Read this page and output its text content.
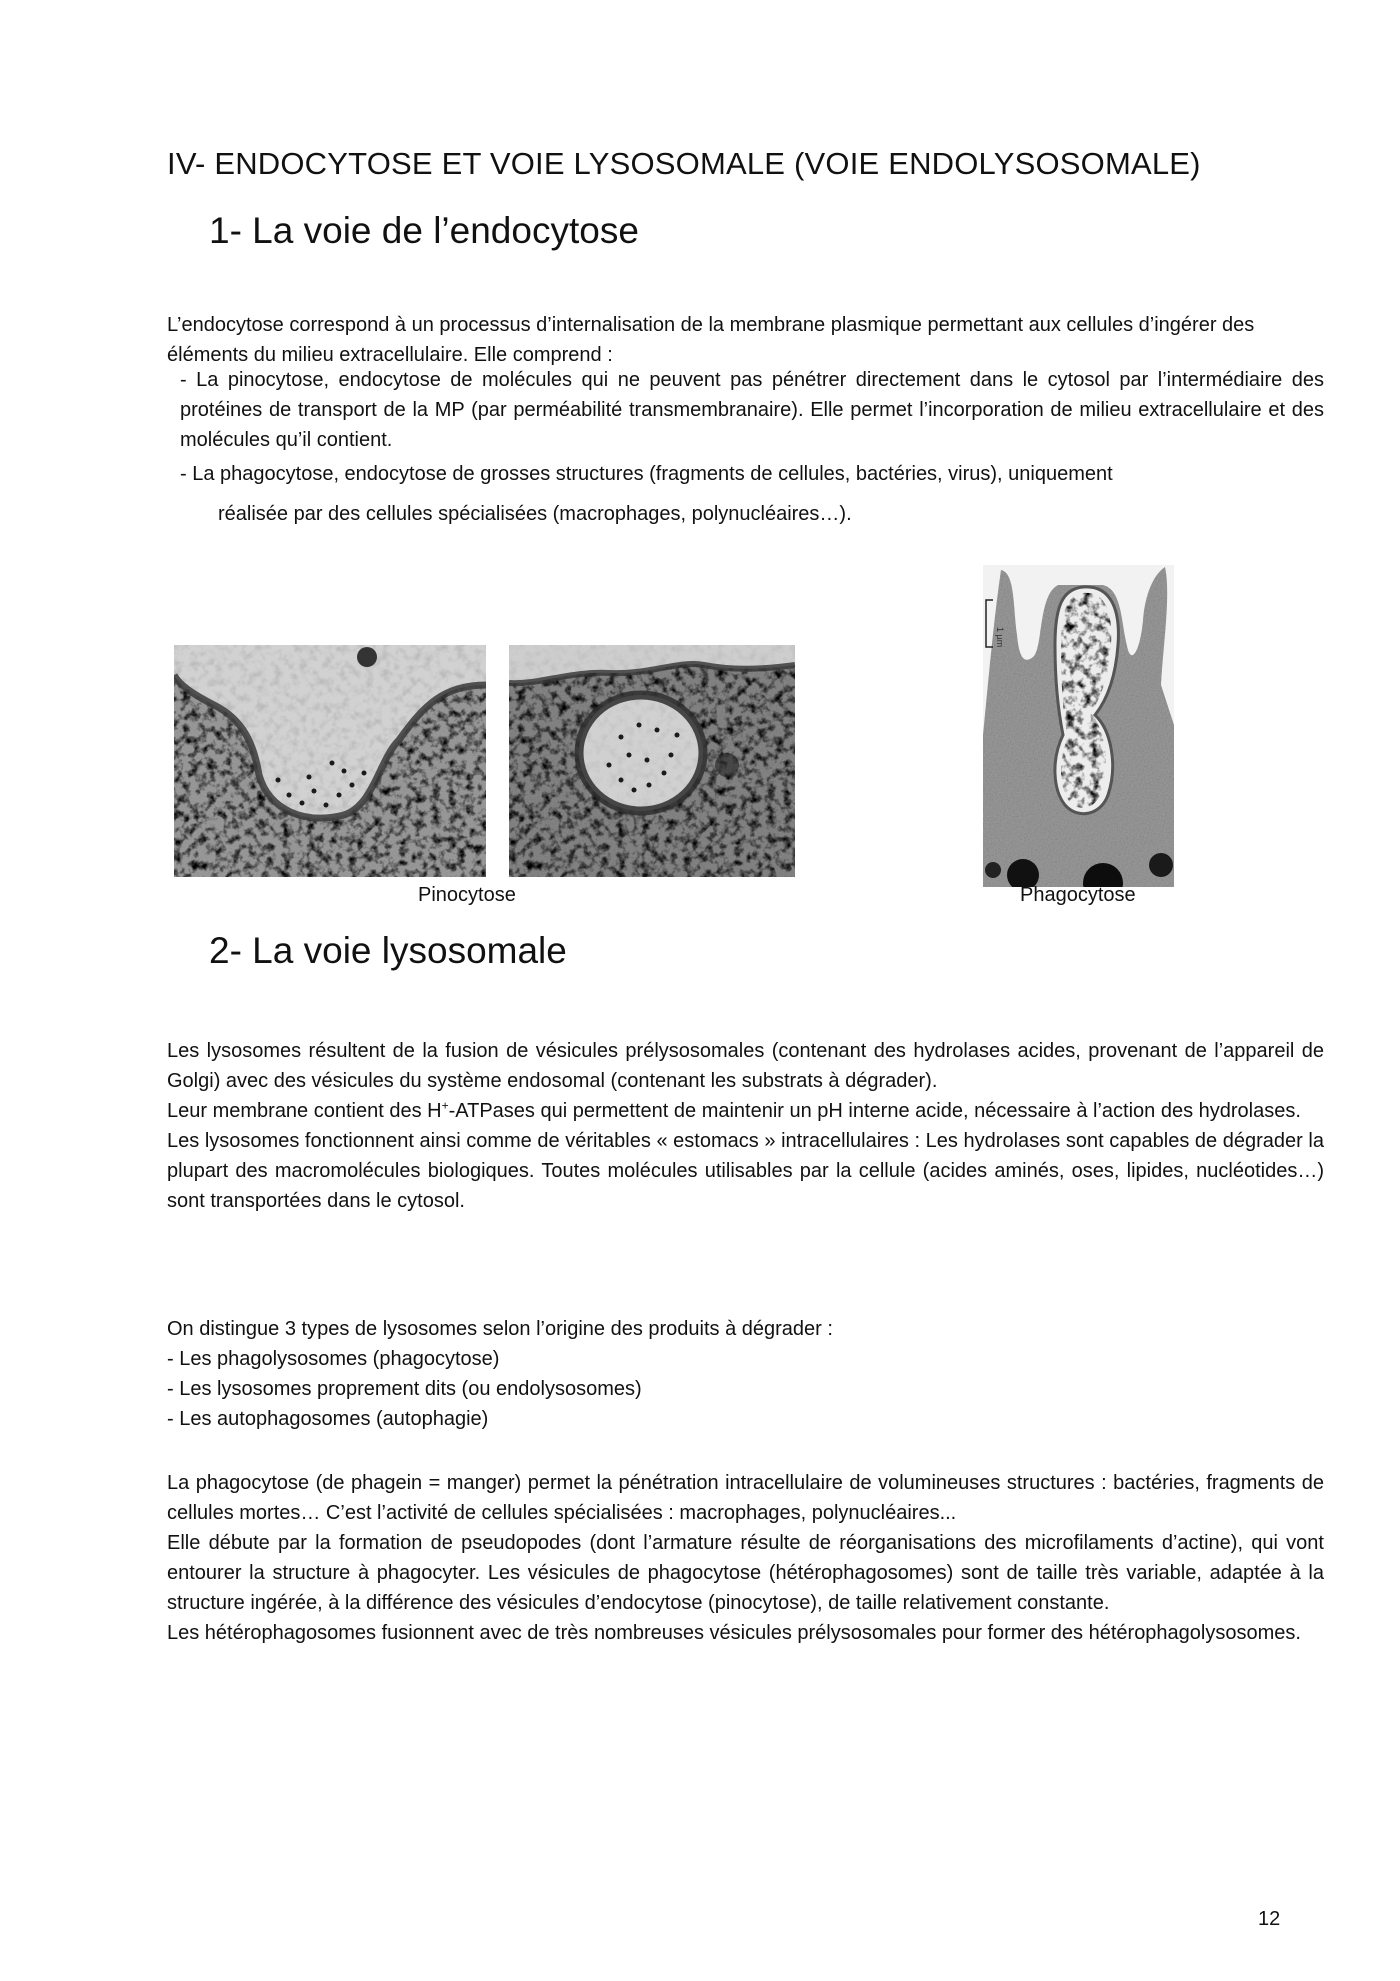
IV- ENDOCYTOSE ET VOIE LYSOSOMALE (VOIE ENDOLYSOSOMALE)
1- La voie de l’endocytose
L’endocytose correspond à un processus d’internalisation de la membrane plasmique permettant aux cellules d’ingérer des éléments du milieu extracellulaire. Elle comprend :
- La pinocytose, endocytose de molécules qui ne peuvent pas pénétrer directement dans le cytosol par l’intermédiaire des protéines de transport de la MP (par perméabilité transmembranaire). Elle permet l’incorporation de milieu extracellulaire et des molécules qu’il contient.
- La phagocytose, endocytose de grosses structures (fragments de cellules, bactéries, virus), uniquement
réalisée par des cellules spécialisées (macrophages, polynucléaires…).
1 µm
Pinocytose	Phagocytose
2- La voie lysosomale
Les lysosomes résultent de la fusion de vésicules prélysosomales (contenant des hydrolases acides, provenant de l’appareil de Golgi) avec des vésicules du système endosomal (contenant les substrats à dégrader).
Leur membrane contient des H+-ATPases qui permettent de maintenir un pH interne acide, nécessaire à l’action des hydrolases.
Les lysosomes fonctionnent ainsi comme de véritables « estomacs » intracellulaires : Les hydrolases sont capables de dégrader la plupart des macromolécules biologiques. Toutes molécules utilisables par la cellule (acides aminés, oses, lipides, nucléotides…) sont transportées dans le cytosol.
On distingue 3 types de lysosomes selon l’origine des produits à dégrader :
- Les phagolysosomes (phagocytose)
- Les lysosomes proprement dits (ou endolysosomes)
- Les autophagosomes (autophagie)
La phagocytose (de phagein = manger) permet la pénétration intracellulaire de volumineuses structures : bactéries, fragments de cellules mortes… C’est l’activité de cellules spécialisées : macrophages, polynucléaires...
Elle débute par la formation de pseudopodes (dont l’armature résulte de réorganisations des microfilaments d’actine), qui vont entourer la structure à phagocyter. Les vésicules de phagocytose (hétérophagosomes) sont de taille très variable, adaptée à la structure ingérée, à la différence des vésicules d’endocytose (pinocytose), de taille relativement constante.
Les hétérophagosomes fusionnent avec de très nombreuses vésicules prélysosomales pour former des hétérophagolysosomes.
12
